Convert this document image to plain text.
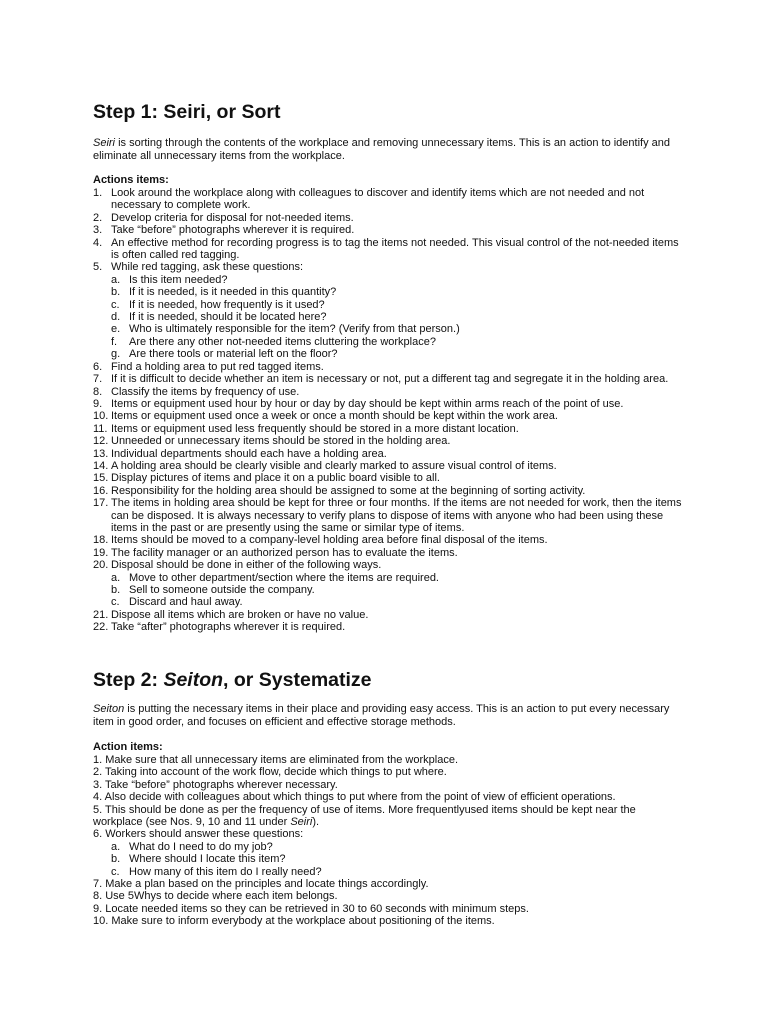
Step 1: Seiri, or Sort

Seiri is sorting through the contents of the workplace and removing unnecessary items. This is an action to identify and eliminate all unnecessary items from the workplace.

Actions items:
1. Look around the workplace along with colleagues to discover and identify items which are not needed and not necessary to complete work.
2. Develop criteria for disposal for not-needed items.
3. Take “before” photographs wherever it is required.
4. An effective method for recording progress is to tag the items not needed. This visual control of the not-needed items is often called red tagging.
5. While red tagging, ask these questions:
a. Is this item needed?
b. If it is needed, is it needed in this quantity?
c. If it is needed, how frequently is it used?
d. If it is needed, should it be located here?
e. Who is ultimately responsible for the item? (Verify from that person.)
f. Are there any other not-needed items cluttering the workplace?
g. Are there tools or material left on the floor?
6. Find a holding area to put red tagged items.
7. If it is difficult to decide whether an item is necessary or not, put a different tag and segregate it in the holding area.
8. Classify the items by frequency of use.
9. Items or equipment used hour by hour or day by day should be kept within arms reach of the point of use.
10. Items or equipment used once a week or once a month should be kept within the work area.
11. Items or equipment used less frequently should be stored in a more distant location.
12. Unneeded or unnecessary items should be stored in the holding area.
13. Individual departments should each have a holding area.
14. A holding area should be clearly visible and clearly marked to assure visual control of items.
15. Display pictures of items and place it on a public board visible to all.
16. Responsibility for the holding area should be assigned to some at the beginning of sorting activity.
17. The items in holding area should be kept for three or four months. If the items are not needed for work, then the items can be disposed. It is always necessary to verify plans to dispose of items with anyone who had been using these items in the past or are presently using the same or similar type of items.
18. Items should be moved to a company-level holding area before final disposal of the items.
19. The facility manager or an authorized person has to evaluate the items.
20. Disposal should be done in either of the following ways.
a. Move to other department/section where the items are required.
b. Sell to someone outside the company.
c. Discard and haul away.
21. Dispose all items which are broken or have no value.
22. Take “after” photographs wherever it is required.
Step 2: Seiton, or Systematize

Seiton is putting the necessary items in their place and providing easy access. This is an action to put every necessary item in good order, and focuses on efficient and effective storage methods.

Action items:
1. Make sure that all unnecessary items are eliminated from the workplace.
2. Taking into account of the work flow, decide which things to put where.
3. Take “before” photographs wherever necessary.
4. Also decide with colleagues about which things to put where from the point of view of efficient operations.
5. This should be done as per the frequency of use of items. More frequentlyused items should be kept near the workplace (see Nos. 9, 10 and 11 under Seiri).
6. Workers should answer these questions:
a. What do I need to do my job?
b. Where should I locate this item?
c. How many of this item do I really need?
7. Make a plan based on the principles and locate things accordingly.
8. Use 5Whys to decide where each item belongs.
9. Locate needed items so they can be retrieved in 30 to 60 seconds with minimum steps.
10. Make sure to inform everybody at the workplace about positioning of the items.
